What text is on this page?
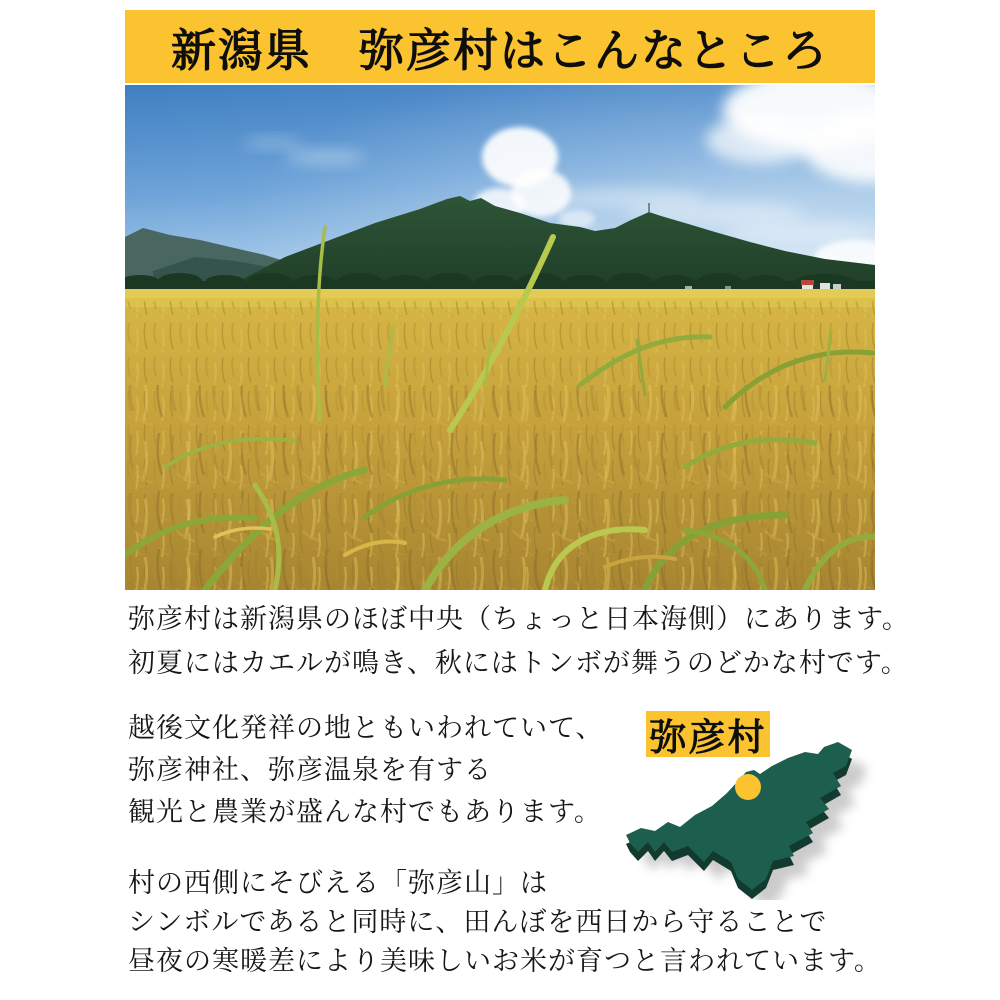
新潟県　弥彦村はこんなところ
弥彦村は新潟県のほぼ中央（ちょっと日本海側）にあります。
初夏にはカエルが鳴き、秋にはトンボが舞うのどかな村です。
越後文化発祥の地ともいわれていて、
弥彦神社、弥彦温泉を有する
観光と農業が盛んな村でもあります。
弥彦村
村の西側にそびえる「弥彦山」は
シンボルであると同時に、田んぼを西日から守ることで
昼夜の寒暖差により美味しいお米が育つと言われています。
